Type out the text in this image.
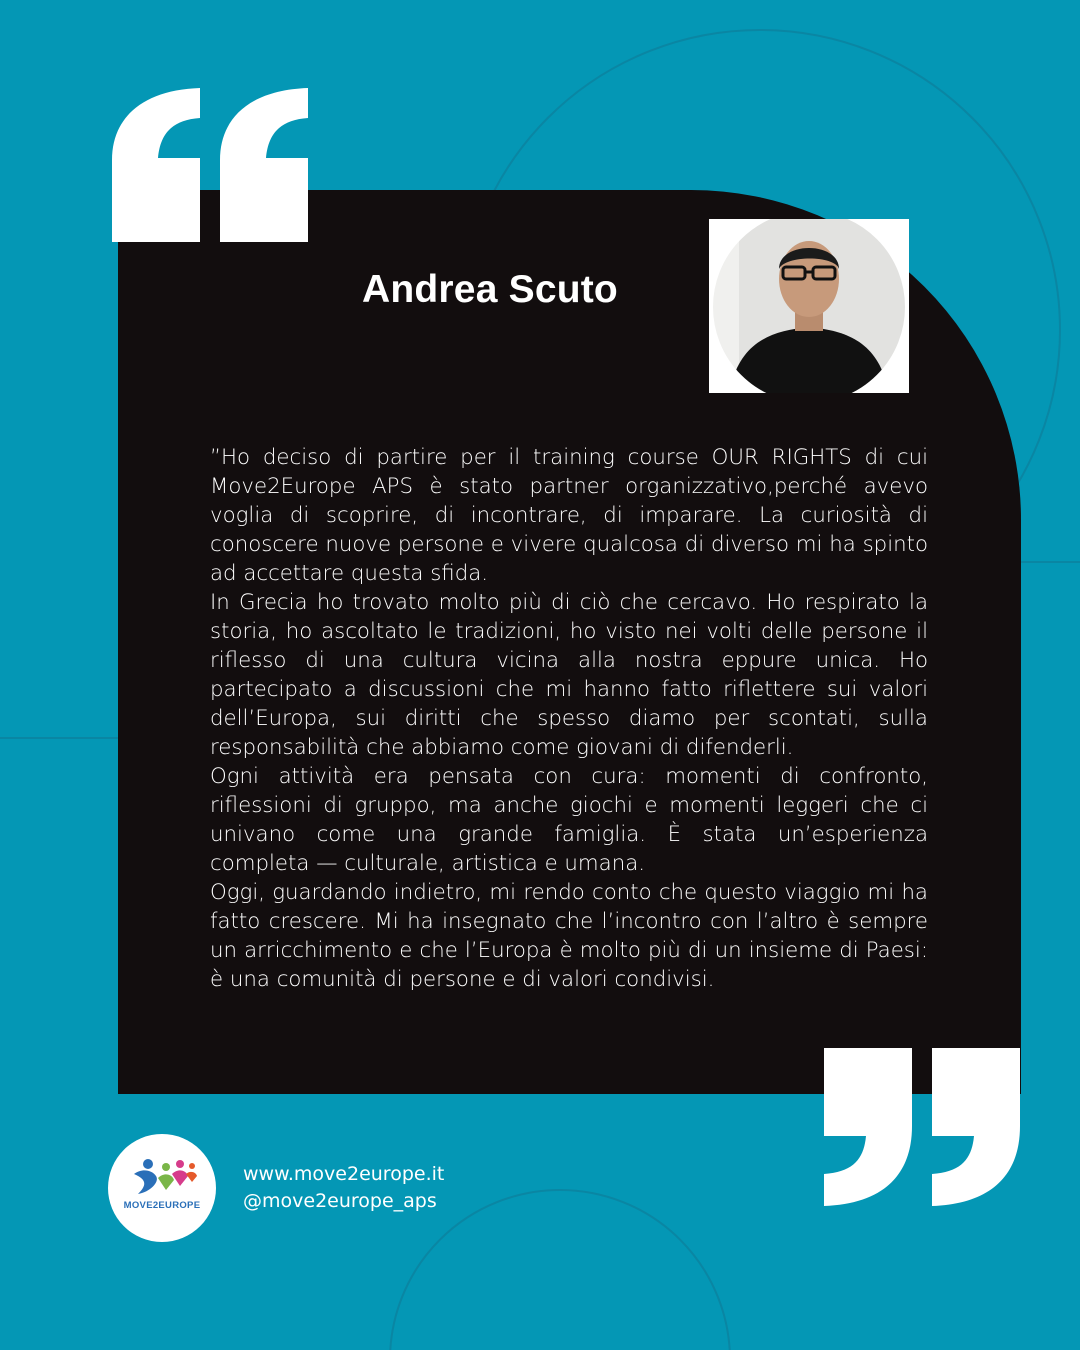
Andrea Scuto

”Ho deciso di partire per il training course OUR RIGHTS di cui Move2Europe APS è stato partner organizzativo,perché avevo voglia di scoprire, di incontrare, di imparare. La curiosità di conoscere nuove persone e vivere qualcosa di diverso mi ha spinto ad accettare questa sfida.

In Grecia ho trovato molto più di ciò che cercavo. Ho respirato la storia, ho ascoltato le tradizioni, ho visto nei volti delle persone il riflesso di una cultura vicina alla nostra eppure unica. Ho partecipato a discussioni che mi hanno fatto riflettere sui valori dell’Europa, sui diritti che spesso diamo per scontati, sulla responsabilità che abbiamo come giovani di difenderli.

Ogni attività era pensata con cura: momenti di confronto, riflessioni di gruppo, ma anche giochi e momenti leggeri che ci univano come una grande famiglia. È stata un’esperienza completa — culturale, artistica e umana.

Oggi, guardando indietro, mi rendo conto che questo viaggio mi ha fatto crescere. Mi ha insegnato che l’incontro con l’altro è sempre un arricchimento e che l’Europa è molto più di un insieme di Paesi: è una comunità di persone e di valori condivisi.

MOVE2EUROPE
www.move2europe.it
@move2europe_aps
